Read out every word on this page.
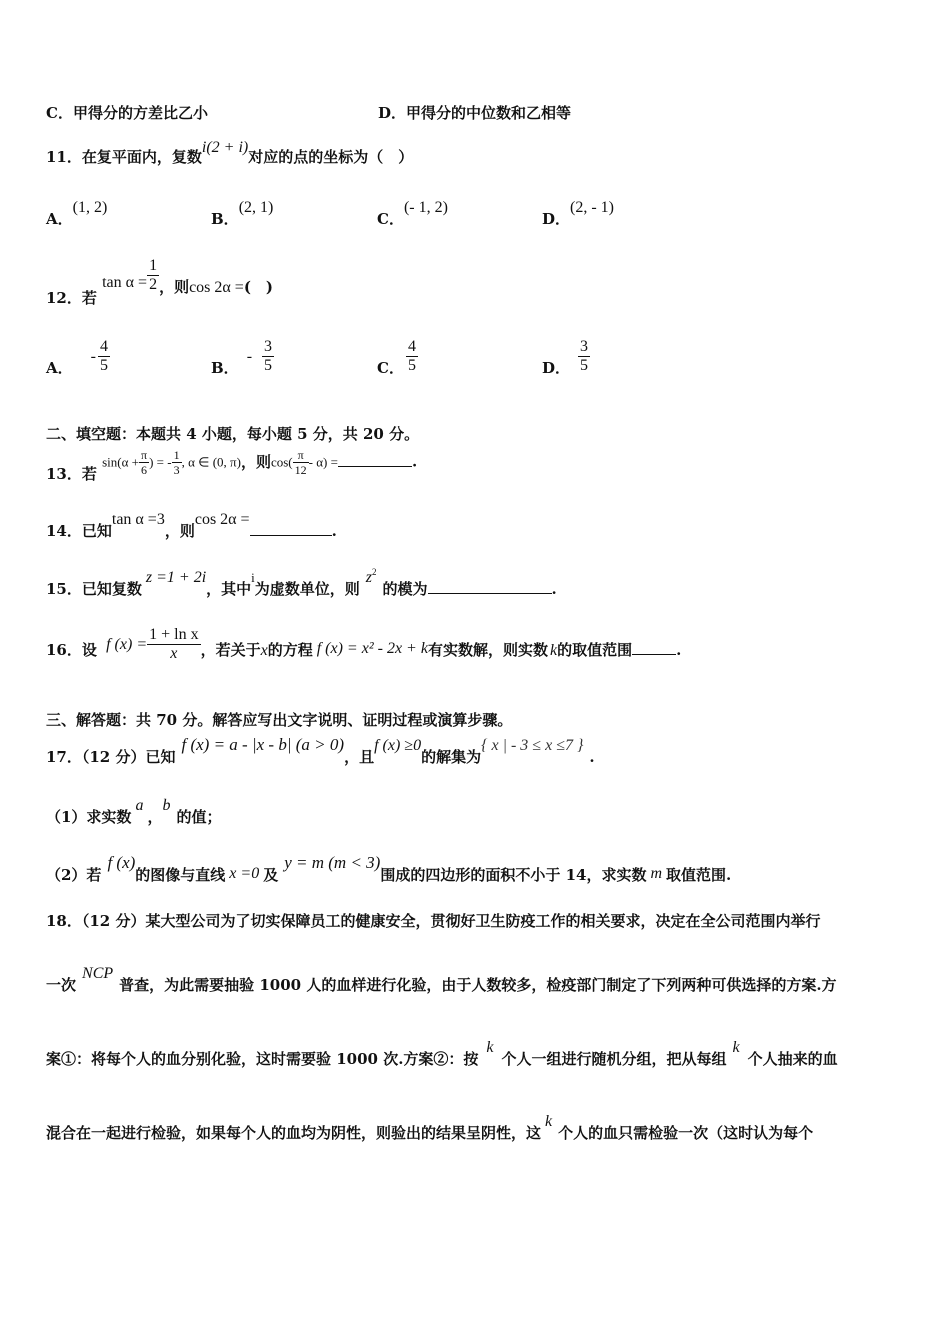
C．甲得分的方差比乙小	D．甲得分的中位数和乙相等
11．在复平面内，复数i(2 + i)对应的点的坐标为（　）
A．(1, 2)
B．(2, 1)
C．(- 1, 2)
D．(2, - 1)
12．若 $\tan \alpha = \frac{1}{2}$ ，则cos 2α =(　)
A．- $\frac{4}{5}$	B．- $\frac{3}{5}$	C． $\frac{4}{5}$	D． $\frac{3}{5}$
二、填空题：本题共 4 小题，每小题 5 分，共 20 分。
13．若 $\sin(\alpha + \frac{\pi}{6}$ ) = - $\frac{1}{3}$ , α ∈ (0, π)，则$\cos( \frac{\pi}{12} - \alpha)$ =	.
14．已知tan α =3，则cos 2α =.
15．已知复数z =1 + 2i，其中i为虚数单位，则$z^2$的模为	.
16．设 f $(x) = \frac{\text{1 + ln x}}{x}$ ，若关于x的方程 f (x) = x² - 2x + k有实数解，则实数 k的取值范围	.
三、解答题：共 70 分。解答应写出文字说明、证明过程或演算步骤。
17．（12 分）已知f (x) = a - |x - b| (a > 0)，且f (x) ≥0的解集为{ x | - 3 ≤ x ≤7 }.
（1）求实数a，b的值；
（2）若f (x)的图像与直线 x =0 及y = m (m < 3)围成的四边形的面积不小于 14，求实数 m 取值范围.
18．（12 分）某大型公司为了切实保障员工的健康安全，贯彻好卫生防疫工作的相关要求，决定在全公司范围内举行
一次NCP普查，为此需要抽验 1000 人的血样进行化验，由于人数较多，检疫部门制定了下列两种可供选择的方案.方
案①：将每个人的血分别化验，这时需要验 1000 次.方案②：按k个人一组进行随机分组，把从每组k个人抽来的血
混合在一起进行检验，如果每个人的血均为阴性，则验出的结果呈阴性，这k个人的血只需检验一次（这时认为每个
